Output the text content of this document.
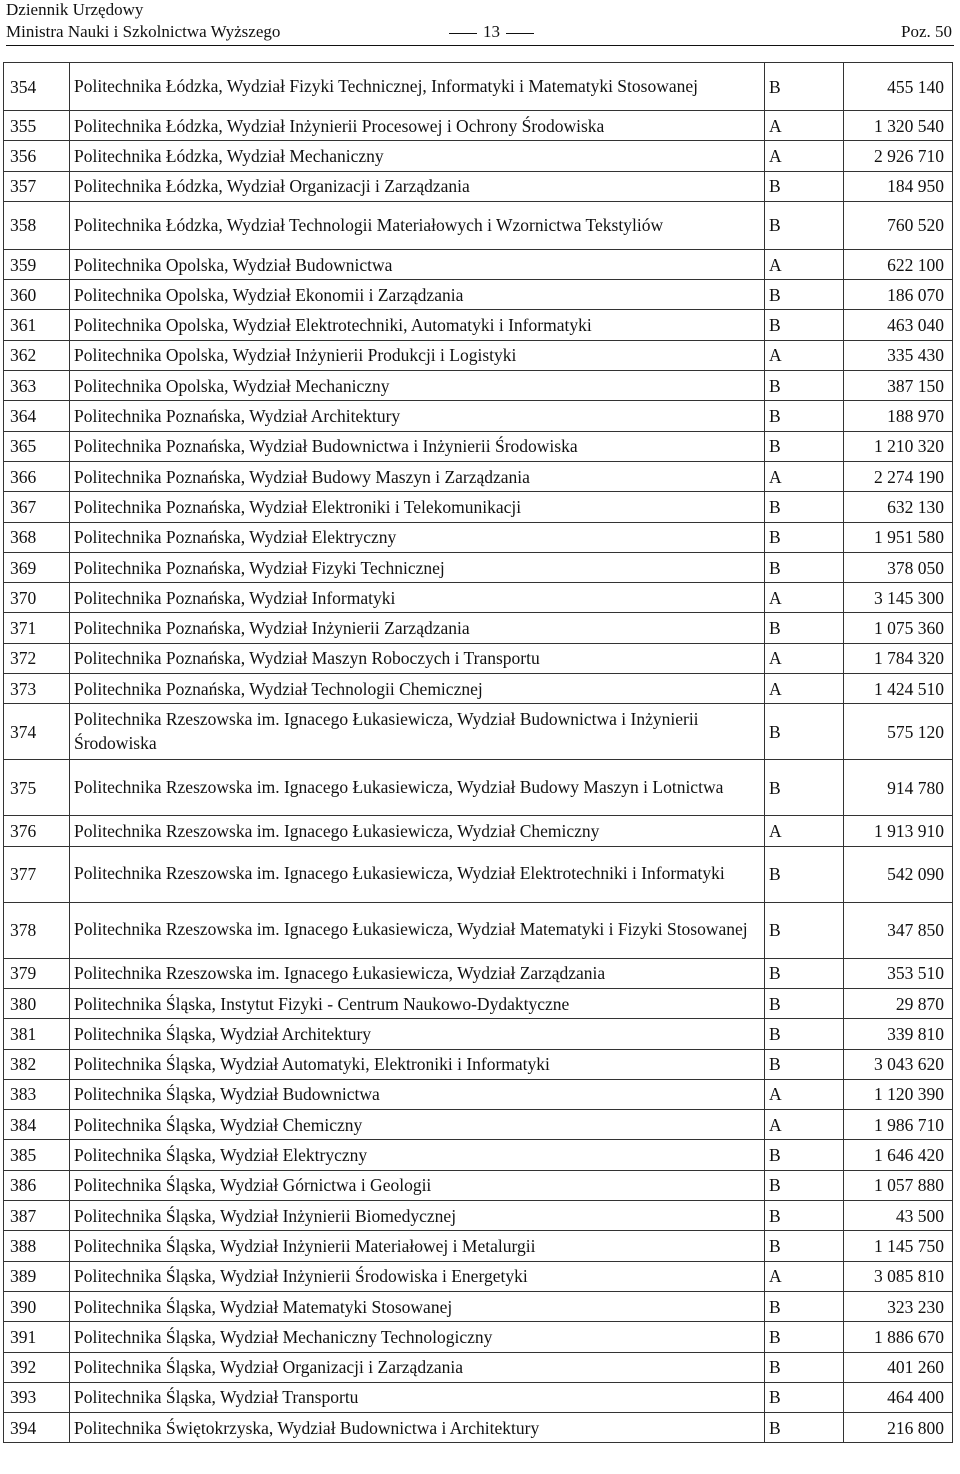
Dziennik Urzędowy
Ministra Nauki i Szkolnictwa Wyższego	13	Poz. 50
354	Politechnika Łódzka, Wydział Fizyki Technicznej, Informatyki i Matematyki Stosowanej	B	455 140
355	Politechnika Łódzka, Wydział Inżynierii Procesowej i Ochrony Środowiska	A	1 320 540
356	Politechnika Łódzka, Wydział Mechaniczny	A	2 926 710
357	Politechnika Łódzka, Wydział Organizacji i Zarządzania	B	184 950
358	Politechnika Łódzka, Wydział Technologii Materiałowych i Wzornictwa Tekstyliów	B	760 520
359	Politechnika Opolska, Wydział Budownictwa	A	622 100
360	Politechnika Opolska, Wydział Ekonomii i Zarządzania	B	186 070
361	Politechnika Opolska, Wydział Elektrotechniki, Automatyki i Informatyki	B	463 040
362	Politechnika Opolska, Wydział Inżynierii Produkcji i Logistyki	A	335 430
363	Politechnika Opolska, Wydział Mechaniczny	B	387 150
364	Politechnika Poznańska, Wydział Architektury	B	188 970
365	Politechnika Poznańska, Wydział Budownictwa i Inżynierii Środowiska	B	1 210 320
366	Politechnika Poznańska, Wydział Budowy Maszyn i Zarządzania	A	2 274 190
367	Politechnika Poznańska, Wydział Elektroniki i Telekomunikacji	B	632 130
368	Politechnika Poznańska, Wydział Elektryczny	B	1 951 580
369	Politechnika Poznańska, Wydział Fizyki Technicznej	B	378 050
370	Politechnika Poznańska, Wydział Informatyki	A	3 145 300
371	Politechnika Poznańska, Wydział Inżynierii Zarządzania	B	1 075 360
372	Politechnika Poznańska, Wydział Maszyn Roboczych i Transportu	A	1 784 320
373	Politechnika Poznańska, Wydział Technologii Chemicznej	A	1 424 510
374	Politechnika Rzeszowska im. Ignacego Łukasiewicza, Wydział Budownictwa i Inżynierii Środowiska	B	575 120
375	Politechnika Rzeszowska im. Ignacego Łukasiewicza, Wydział Budowy Maszyn i Lotnictwa	B	914 780
376	Politechnika Rzeszowska im. Ignacego Łukasiewicza, Wydział Chemiczny	A	1 913 910
377	Politechnika Rzeszowska im. Ignacego Łukasiewicza, Wydział Elektrotechniki i Informatyki	B	542 090
378	Politechnika Rzeszowska im. Ignacego Łukasiewicza, Wydział Matematyki i Fizyki Stosowanej	B	347 850
379	Politechnika Rzeszowska im. Ignacego Łukasiewicza, Wydział Zarządzania	B	353 510
380	Politechnika Śląska, Instytut Fizyki - Centrum Naukowo-Dydaktyczne	B	29 870
381	Politechnika Śląska, Wydział Architektury	B	339 810
382	Politechnika Śląska, Wydział Automatyki, Elektroniki i Informatyki	B	3 043 620
383	Politechnika Śląska, Wydział Budownictwa	A	1 120 390
384	Politechnika Śląska, Wydział Chemiczny	A	1 986 710
385	Politechnika Śląska, Wydział Elektryczny	B	1 646 420
386	Politechnika Śląska, Wydział Górnictwa i Geologii	B	1 057 880
387	Politechnika Śląska, Wydział Inżynierii Biomedycznej	B	43 500
388	Politechnika Śląska, Wydział Inżynierii Materiałowej i Metalurgii	B	1 145 750
389	Politechnika Śląska, Wydział Inżynierii Środowiska i Energetyki	A	3 085 810
390	Politechnika Śląska, Wydział Matematyki Stosowanej	B	323 230
391	Politechnika Śląska, Wydział Mechaniczny Technologiczny	B	1 886 670
392	Politechnika Śląska, Wydział Organizacji i Zarządzania	B	401 260
393	Politechnika Śląska, Wydział Transportu	B	464 400
394	Politechnika Świętokrzyska, Wydział Budownictwa i Architektury	B	216 800
